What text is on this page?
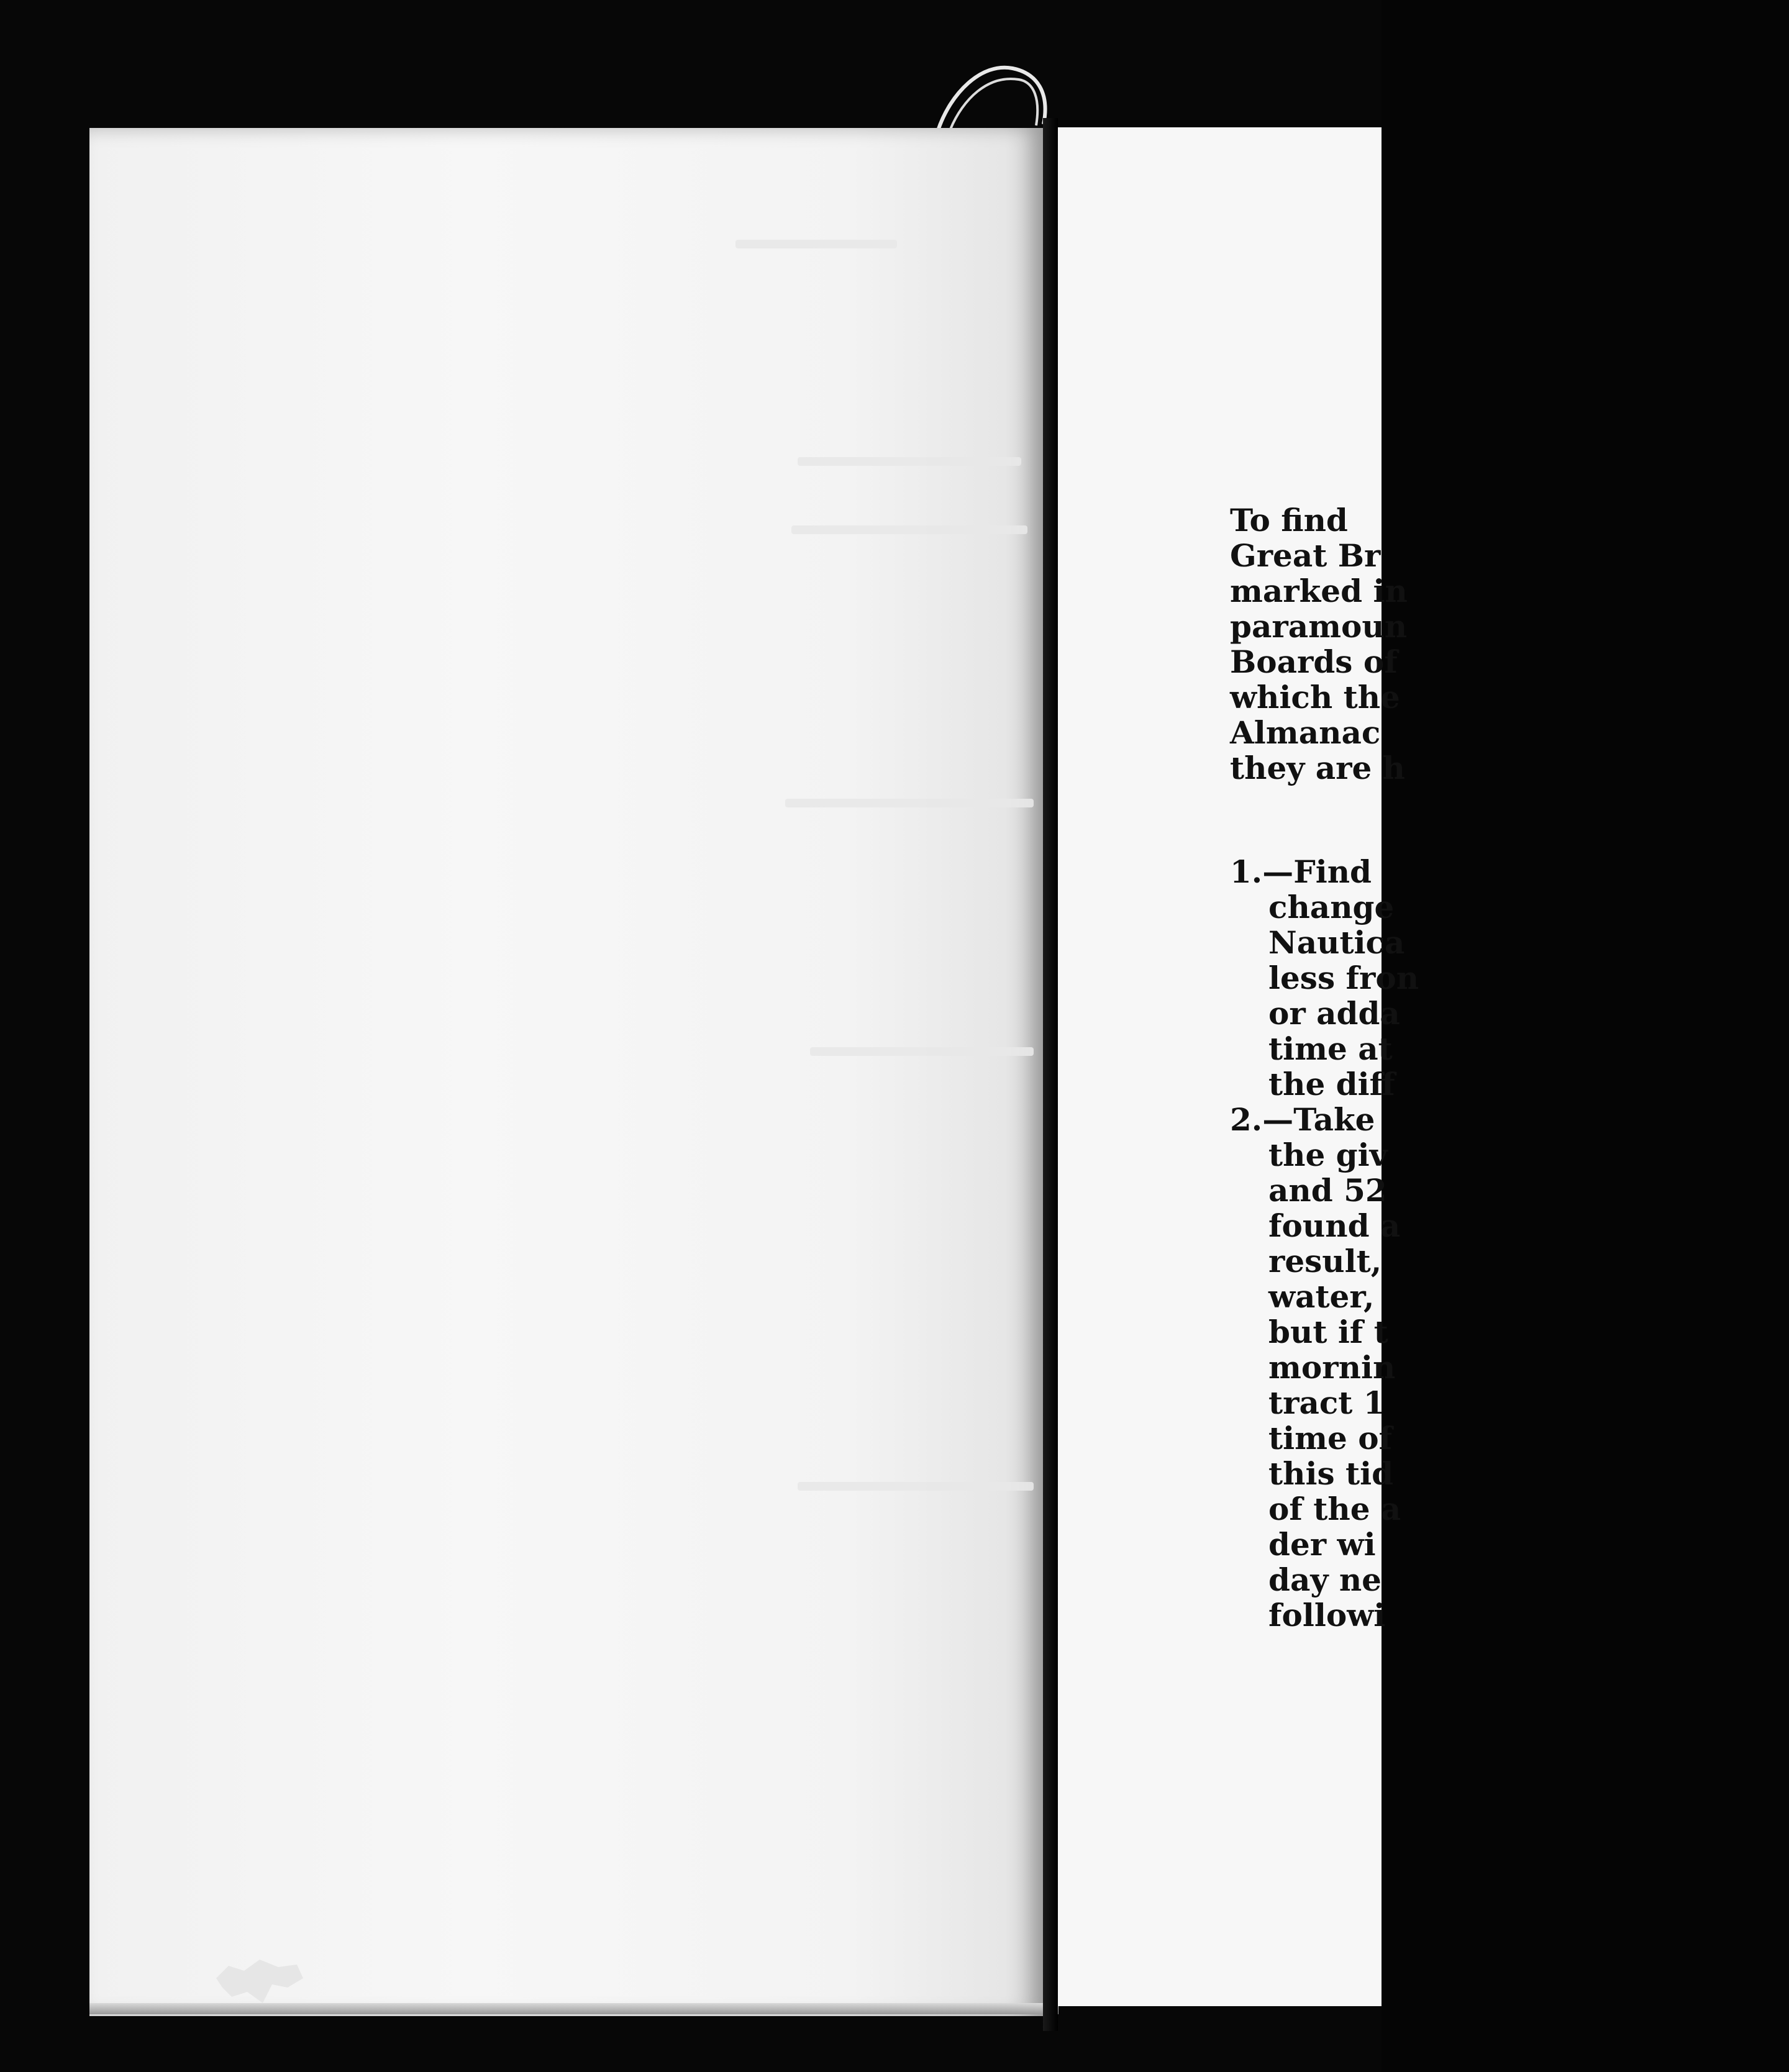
To find
Great Br
marked in
paramoun
Boards of
which the
Almanac
they are h
1.—Find
change
Nautica
less fron
or adda
time at
the diff
2.—Take
the giv
and 52
found a
result,
water,
but if t
mornin
tract 1
time of
this tid
of the a
der wi
day ne
followi
